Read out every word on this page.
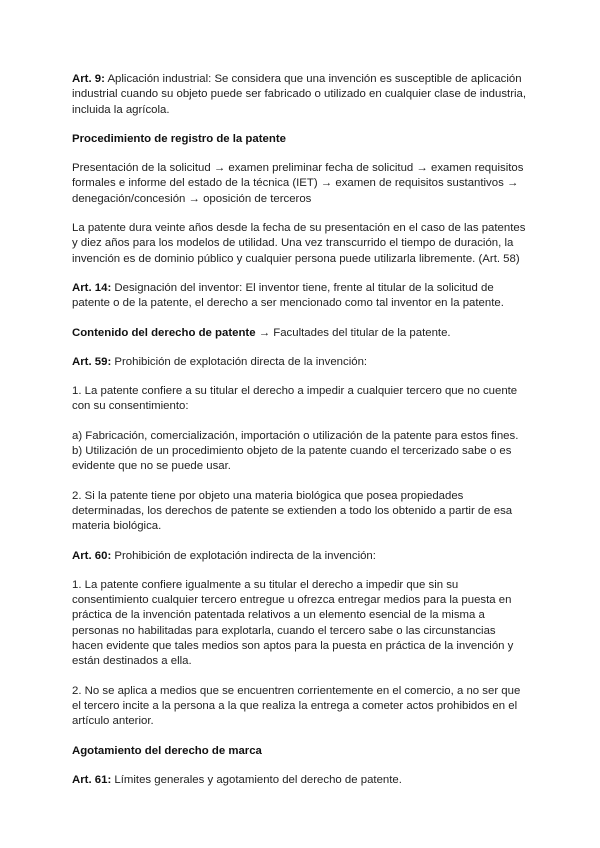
Art. 9: Aplicación industrial: Se considera que una invención es susceptible de aplicación industrial cuando su objeto puede ser fabricado o utilizado en cualquier clase de industria, incluida la agrícola.

Procedimiento de registro de la patente

Presentación de la solicitud → examen preliminar fecha de solicitud → examen requisitos formales e informe del estado de la técnica (IET) → examen de requisitos sustantivos → denegación/concesión → oposición de terceros

La patente dura veinte años desde la fecha de su presentación en el caso de las patentes y diez años para los modelos de utilidad. Una vez transcurrido el tiempo de duración, la invención es de dominio público y cualquier persona puede utilizarla libremente. (Art. 58)

Art. 14: Designación del inventor: El inventor tiene, frente al titular de la solicitud de patente o de la patente, el derecho a ser mencionado como tal inventor en la patente.

Contenido del derecho de patente → Facultades del titular de la patente.

Art. 59: Prohibición de explotación directa de la invención:

1. La patente confiere a su titular el derecho a impedir a cualquier tercero que no cuente con su consentimiento:

a) Fabricación, comercialización, importación o utilización de la patente para estos fines.
b) Utilización de un procedimiento objeto de la patente cuando el tercerizado sabe o es evidente que no se puede usar.

2. Si la patente tiene por objeto una materia biológica que posea propiedades determinadas, los derechos de patente se extienden a todo los obtenido a partir de esa materia biológica.

Art. 60: Prohibición de explotación indirecta de la invención:

1. La patente confiere igualmente a su titular el derecho a impedir que sin su consentimiento cualquier tercero entregue u ofrezca entregar medios para la puesta en práctica de la invención patentada relativos a un elemento esencial de la misma a personas no habilitadas para explotarla, cuando el tercero sabe o las circunstancias hacen evidente que tales medios son aptos para la puesta en práctica de la invención y están destinados a ella.

2. No se aplica a medios que se encuentren corrientemente en el comercio, a no ser que el tercero incite a la persona a la que realiza la entrega a cometer actos prohibidos en el artículo anterior.

Agotamiento del derecho de marca

Art. 61: Límites generales y agotamiento del derecho de patente.
